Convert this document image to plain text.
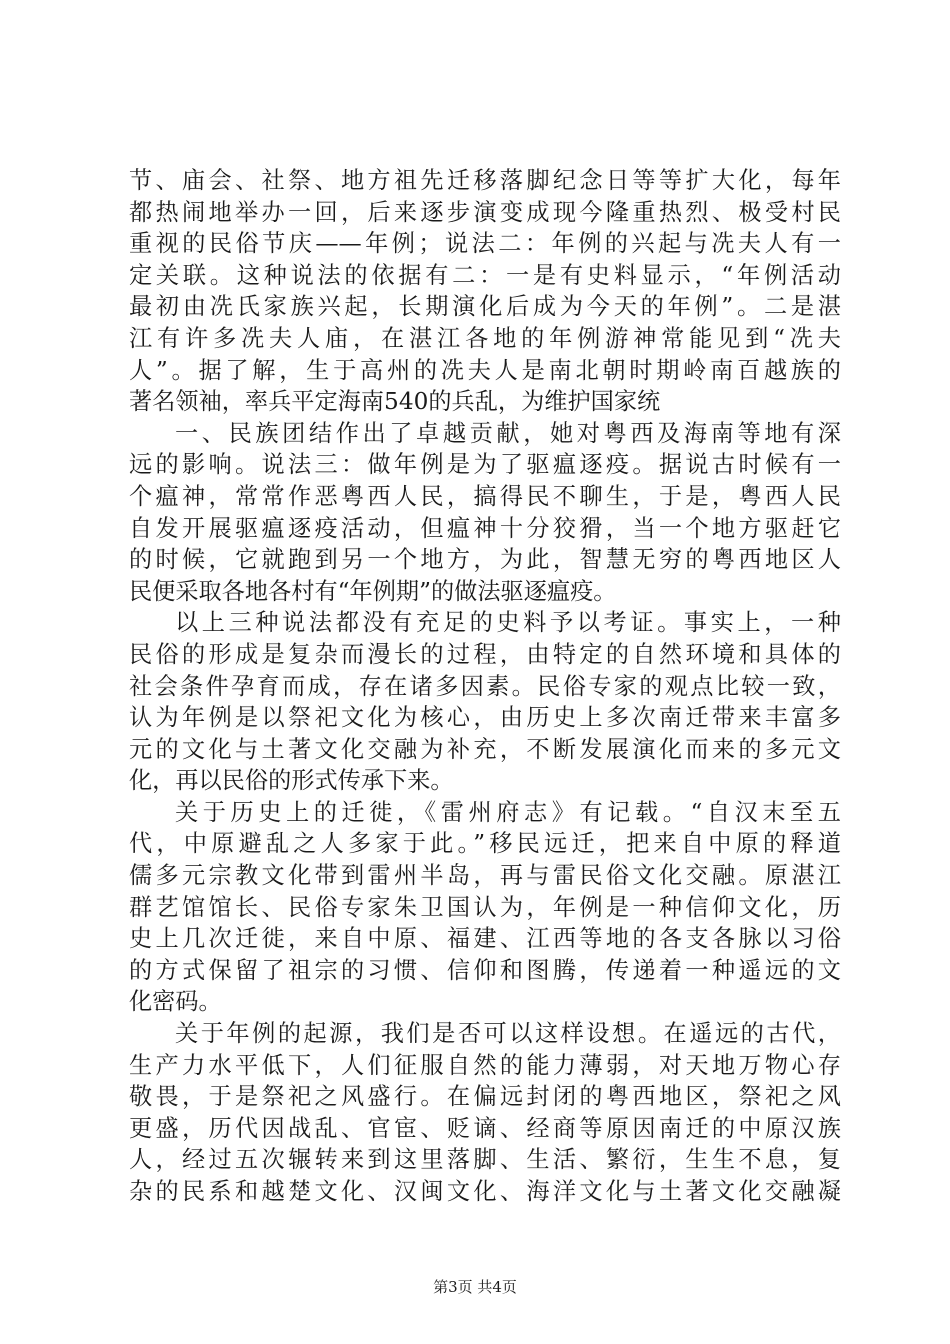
节、庙会、社祭、地方祖先迁移落脚纪念日等等扩大化，每年
都热闹地举办一回，后来逐步演变成现今隆重热烈、极受村民
重视的民俗节庆——年例；说法二：年例的兴起与冼夫人有一
定关联。这种说法的依据有二：一是有史料显示，“年例活动
最初由冼氏家族兴起，长期演化后成为今天的年例”。二是湛
江有许多冼夫人庙，在湛江各地的年例游神常能见到“冼夫
人”。据了解，生于高州的冼夫人是南北朝时期岭南百越族的
著名领袖，率兵平定海南540的兵乱，为维护国家统
一、民族团结作出了卓越贡献，她对粤西及海南等地有深
远的影响。说法三：做年例是为了驱瘟逐疫。据说古时候有一
个瘟神，常常作恶粤西人民，搞得民不聊生，于是，粤西人民
自发开展驱瘟逐疫活动，但瘟神十分狡猾，当一个地方驱赶它
的时候，它就跑到另一个地方，为此，智慧无穷的粤西地区人
民便采取各地各村有“年例期”的做法驱逐瘟疫。
以上三种说法都没有充足的史料予以考证。事实上，一种
民俗的形成是复杂而漫长的过程，由特定的自然环境和具体的
社会条件孕育而成，存在诸多因素。民俗专家的观点比较一致，
认为年例是以祭祀文化为核心，由历史上多次南迁带来丰富多
元的文化与土著文化交融为补充，不断发展演化而来的多元文
化，再以民俗的形式传承下来。
关于历史上的迁徙，《雷州府志》有记载。“自汉末至五
代，中原避乱之人多家于此。”移民远迁，把来自中原的释道
儒多元宗教文化带到雷州半岛，再与雷民俗文化交融。原湛江
群艺馆馆长、民俗专家朱卫国认为，年例是一种信仰文化，历
史上几次迁徙，来自中原、福建、江西等地的各支各脉以习俗
的方式保留了祖宗的习惯、信仰和图腾，传递着一种遥远的文
化密码。
关于年例的起源，我们是否可以这样设想。在遥远的古代，
生产力水平低下，人们征服自然的能力薄弱，对天地万物心存
敬畏，于是祭祀之风盛行。在偏远封闭的粤西地区，祭祀之风
更盛，历代因战乱、官宦、贬谪、经商等原因南迁的中原汉族
人，经过五次辗转来到这里落脚、生活、繁衍，生生不息，复
杂的民系和越楚文化、汉闽文化、海洋文化与土著文化交融凝
第3页 共4页
